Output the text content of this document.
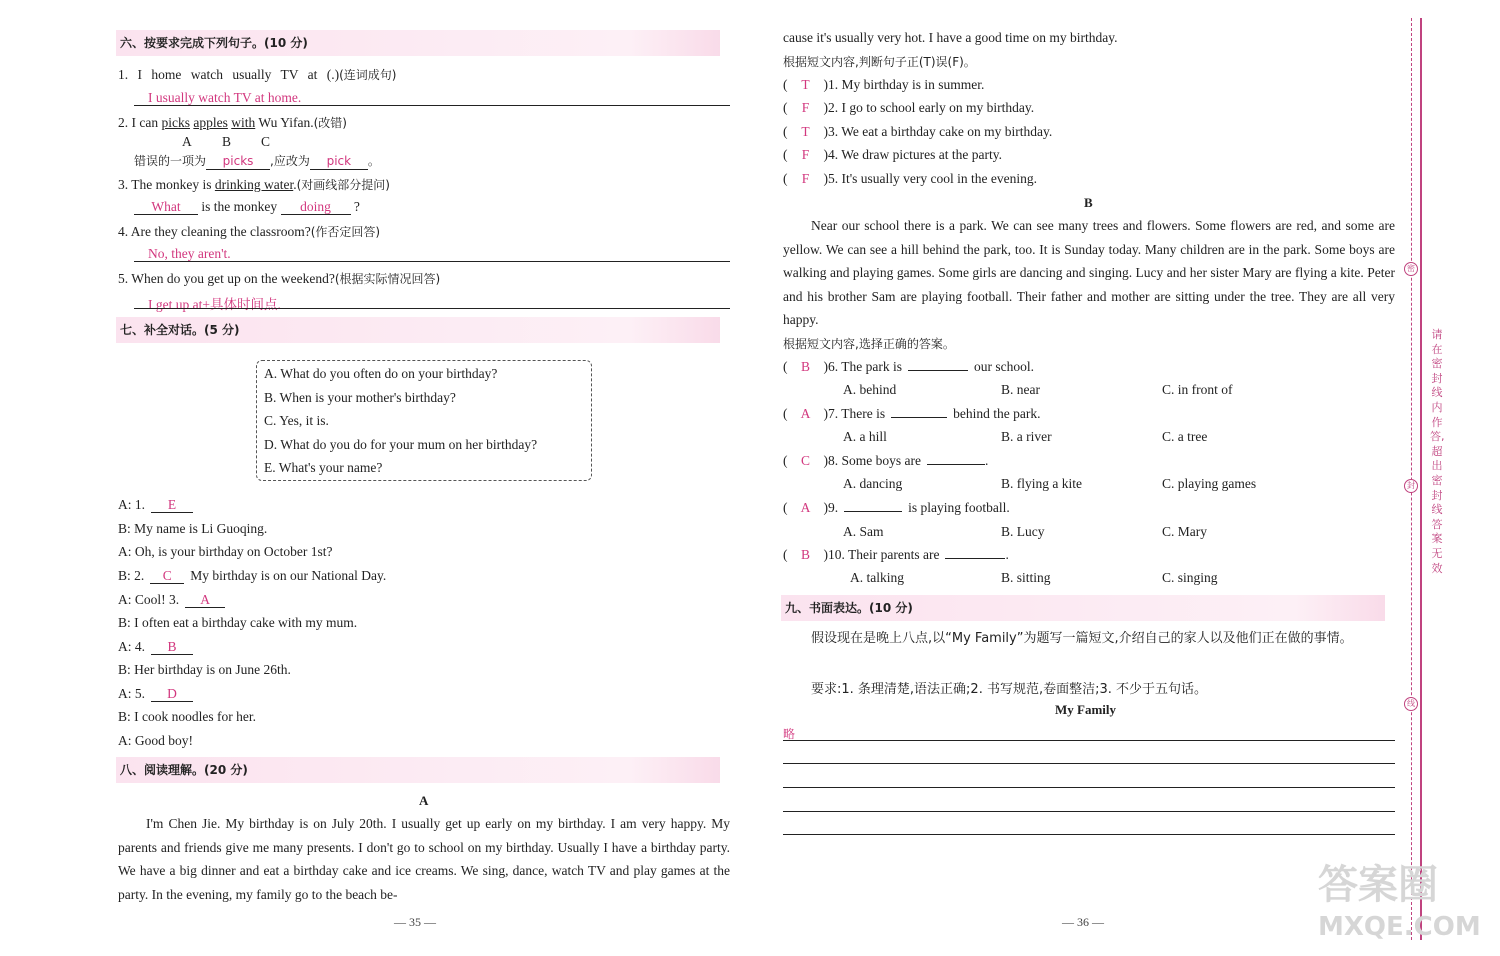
六、按要求完成下列句子。(10 分)
1. I home watch usually TV at (.)(连词成句)
I usually watch TV at home.
2. I can picks apples with Wu Yifan.(改错)
A B C
错误的一项为 picks ,应改为 pick 。
3. The monkey is drinking water.(对画线部分提问)
What is the monkey doing ?
4. Are they cleaning the classroom?(作否定回答)
No, they aren't.
5. When do you get up on the weekend?(根据实际情况回答)
I get up at+具体时间点.
七、补全对话。(5 分)
A. What do you often do on your birthday?
B. When is your mother's birthday?
C. Yes, it is.
D. What do you do for your mum on her birthday?
E. What's your name?
A: 1. E
B: My name is Li Guoqing.
A: Oh, is your birthday on October 1st?
B: 2. C My birthday is on our National Day.
A: Cool! 3. A
B: I often eat a birthday cake with my mum.
A: 4. B
B: Her birthday is on June 26th.
A: 5. D
B: I cook noodles for her.
A: Good boy!
八、阅读理解。(20 分)
A
I'm Chen Jie. My birthday is on July 20th. I usually get up early on my birthday. I am very happy. My parents and friends give me many presents. I don't go to school on my birthday. Usually I have a birthday party. We have a big dinner and eat a birthday cake and ice creams. We sing, dance, watch TV and play games at the party. In the evening, my family go to the beach be-
— 35 —
cause it's usually very hot. I have a good time on my birthday.
根据短文内容,判断句子正(T)误(F)。
( T )1. My birthday is in summer.
( F )2. I go to school early on my birthday.
( T )3. We eat a birthday cake on my birthday.
( F )4. We draw pictures at the party.
( F )5. It's usually very cool in the evening.
B
Near our school there is a park. We can see many trees and flowers. Some flowers are red, and some are yellow. We can see a hill behind the park, too. It is Sunday today. Many children are in the park. Some boys are walking and playing games. Some girls are dancing and singing. Lucy and her sister Mary are flying a kite. Peter and his brother Sam are playing football. Their father and mother are sitting under the tree. They are all very happy.
根据短文内容,选择正确的答案。
( B )6. The park is	our school.
A. behind	B. near	C. in front of
( A )7. There is	behind the park.
A. a hill	B. a river	C. a tree
( C )8. Some boys are	.
A. dancing	B. flying a kite	C. playing games
( A )9.	is playing football.
A. Sam	B. Lucy	C. Mary
( B )10. Their parents are	.
A. talking	B. sitting	C. singing
九、书面表达。(10 分)
假设现在是晚上八点,以“My Family”为题写一篇短文,介绍自己的家人以及他们正在做的事情。
要求:1. 条理清楚,语法正确;2. 书写规范,卷面整洁;3. 不少于五句话。
My Family
略
— 36 —
密
封
线
请在密封线内作答,超出密封线答案无效
答案圈
MXQE.COM
